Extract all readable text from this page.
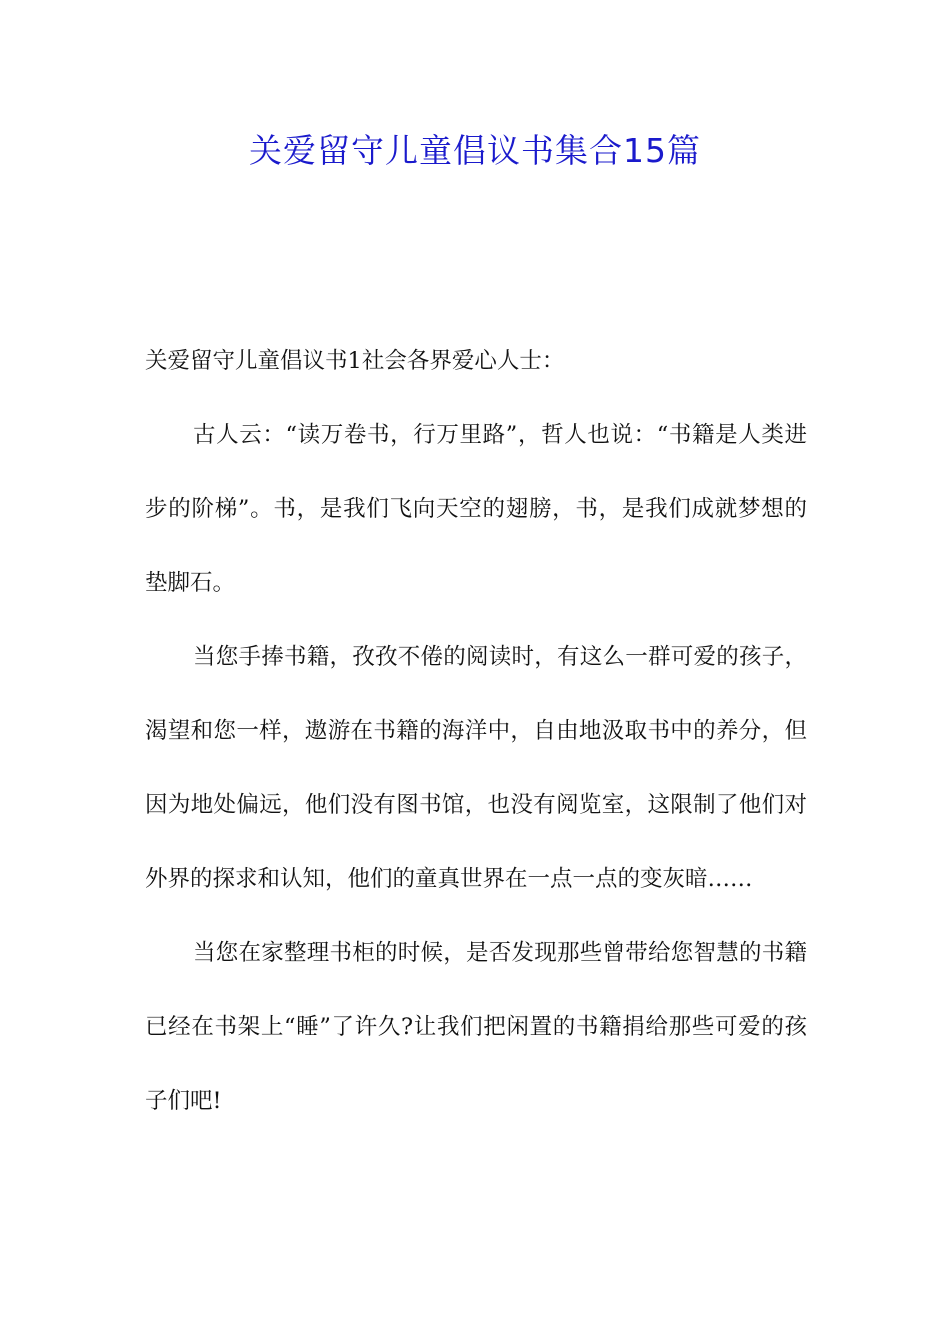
关爱留守儿童倡议书集合15篇

关爱留守儿童倡议书1社会各界爱心人士：

古人云：“读万卷书，行万里路”，哲人也说：“书籍是人类进步的阶梯”。书，是我们飞向天空的翅膀，书，是我们成就梦想的垫脚石。

当您手捧书籍，孜孜不倦的阅读时，有这么一群可爱的孩子，渴望和您一样，遨游在书籍的海洋中，自由地汲取书中的养分，但因为地处偏远，他们没有图书馆，也没有阅览室，这限制了他们对外界的探求和认知，他们的童真世界在一点一点的变灰暗……

当您在家整理书柜的时候，是否发现那些曾带给您智慧的书籍已经在书架上“睡”了许久?让我们把闲置的书籍捐给那些可爱的孩子们吧!
